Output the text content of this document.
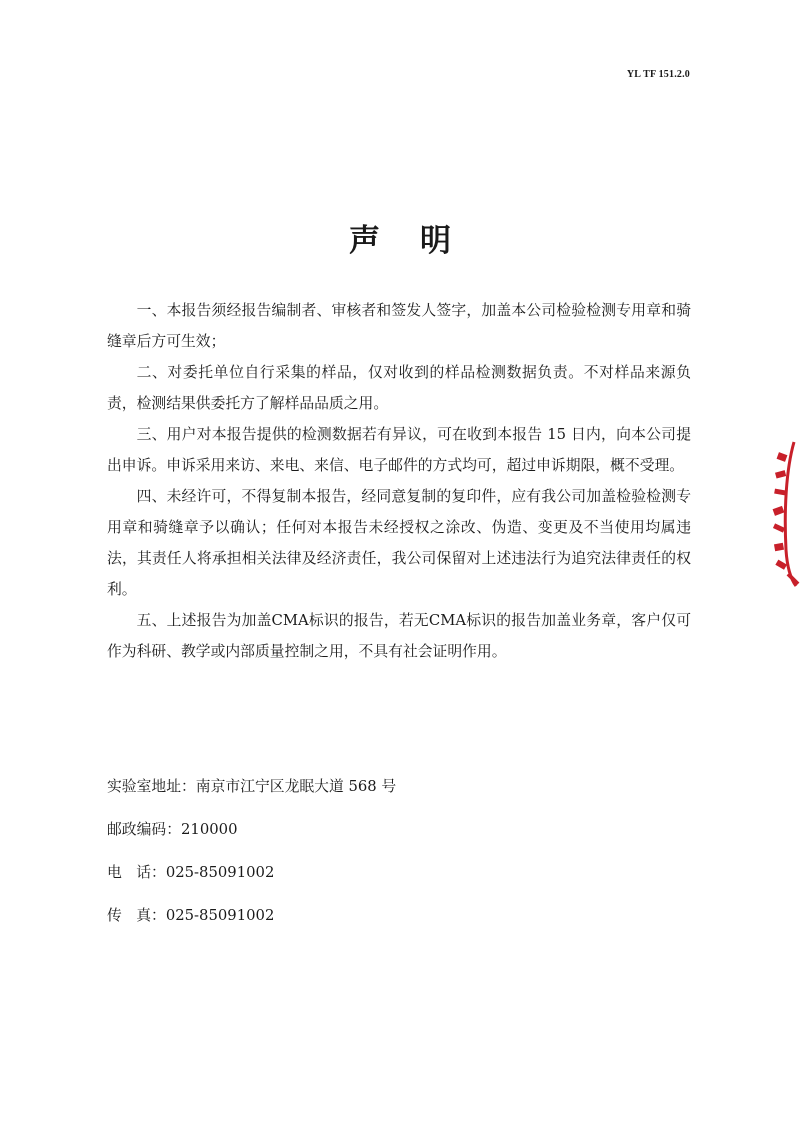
YL TF 151.2.0
声 明

一、本报告须经报告编制者、审核者和签发人签字，加盖本公司检验检测专用章和骑缝章后方可生效；

二、对委托单位自行采集的样品，仅对收到的样品检测数据负责。不对样品来源负责，检测结果供委托方了解样品品质之用。

三、用户对本报告提供的检测数据若有异议，可在收到本报告 15 日内，向本公司提出申诉。申诉采用来访、来电、来信、电子邮件的方式均可，超过申诉期限，概不受理。

四、未经许可，不得复制本报告，经同意复制的复印件，应有我公司加盖检验检测专用章和骑缝章予以确认；任何对本报告未经授权之涂改、伪造、变更及不当使用均属违法，其责任人将承担相关法律及经济责任，我公司保留对上述违法行为追究法律责任的权利。

五、上述报告为加盖CMA标识的报告，若无CMA标识的报告加盖业务章，客户仅可作为科研、教学或内部质量控制之用，不具有社会证明作用。

实验室地址：南京市江宁区龙眠大道 568 号
邮政编码：210000
电 话：025-85091002
传 真：025-85091002
